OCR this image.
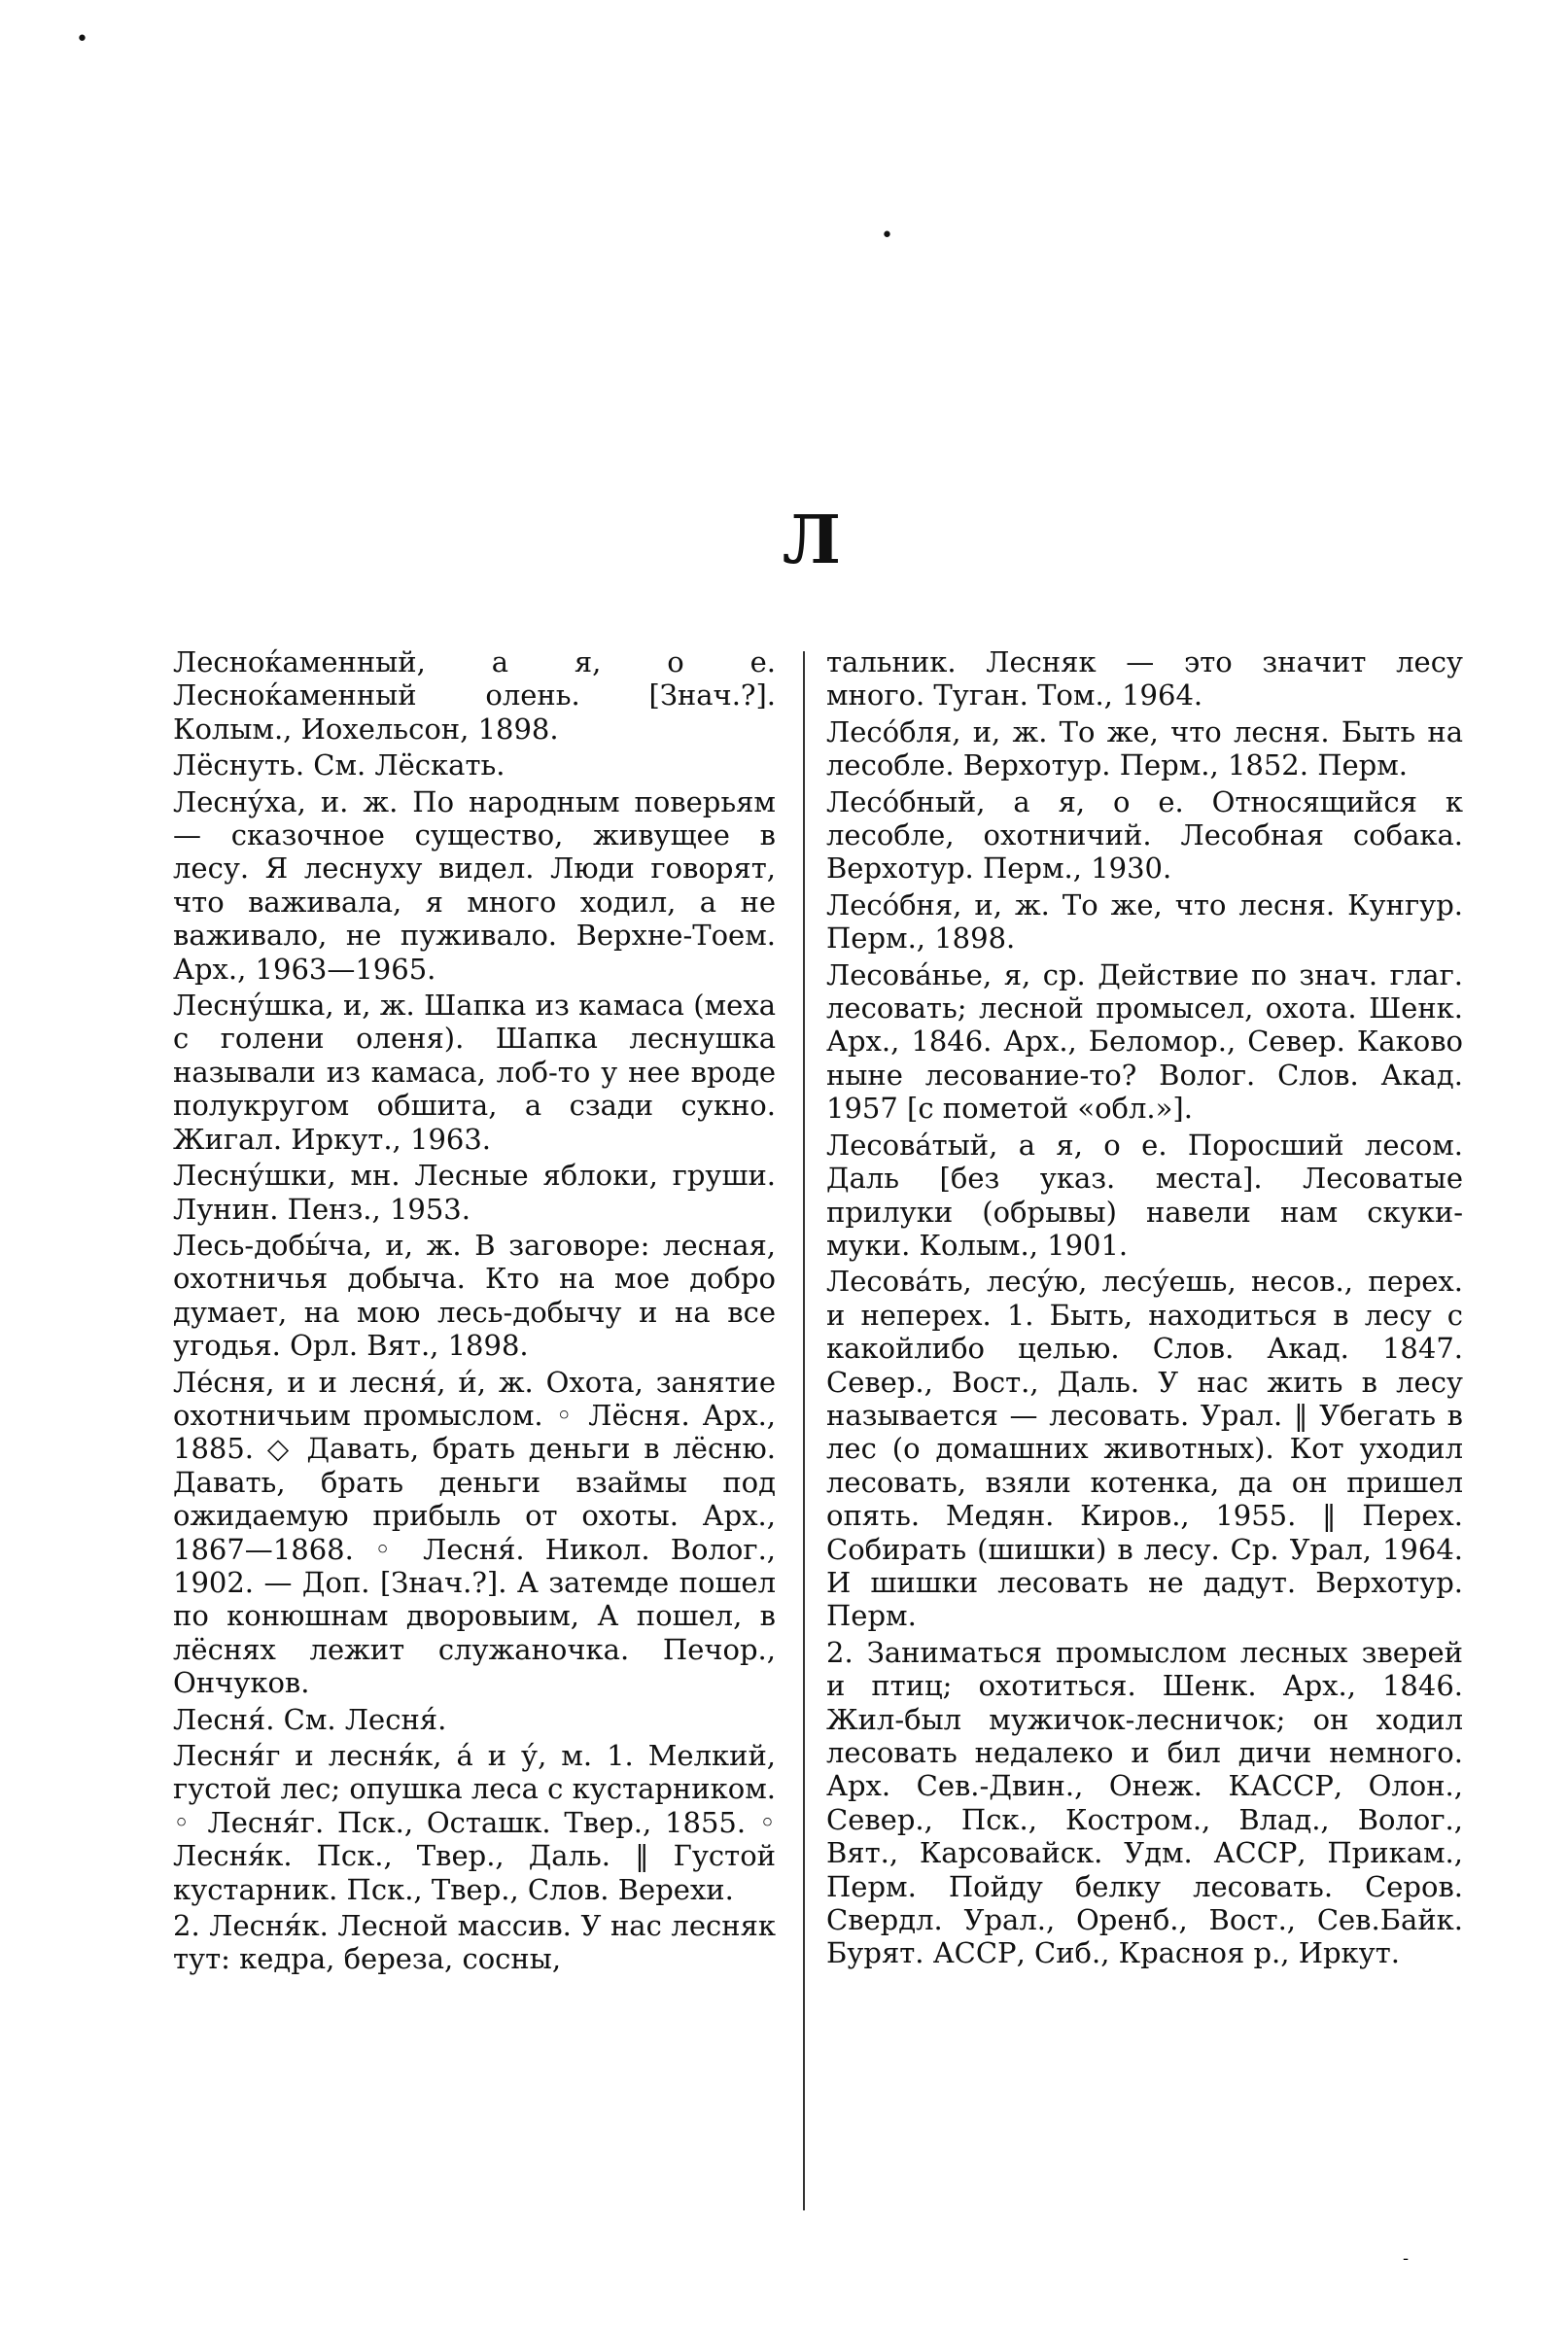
•
•
Л

Лесноќаменный, а я, о е. Лесноќаменный олень. [Знач.?]. Колым., Иохельсон, 1898.

Лёснуть. См. Лёскать.

Лесну́ха, и. ж. По народным поверьям — сказочное существо, живущее в лесу. Я леснуху видел. Люди говорят, что важивала, я много ходил, а не важивало, не пуживало. Верхне-Тоем. Арх., 1963—1965.

Лесну́шка, и, ж. Шапка из камаса (меха с голени оленя). Шапка леснушка называли из камаса, лоб-то у нее вроде полукругом обшита, а сзади сукно. Жигал. Иркут., 1963.

Лесну́шки, мн. Лесные яблоки, груши. Лунин. Пенз., 1953.

Лесь-добы́ча, и, ж. В заговоре: лесная, охотничья добыча. Кто на мое добро думает, на мою лесь-добычу и на все угодья. Орл. Вят., 1898.

Ле́сня, и и лесня́, и́, ж. Охота, занятие охотничьим промыслом. ◦ Лёсня. Арх., 1885. ◇ Давать, брать деньги в лёсню. Давать, брать деньги взаймы под ожидаемую прибыль от охоты. Арх., 1867—1868. ◦ Лесня́. Никол. Волог., 1902. — Доп. [Знач.?]. А затемде пошел по конюшнам дворовыим, А пошел, в лёснях лежит служаночка. Печор., Ончуков.

Лесня́. См. Лесня́.

Лесня́г и лесня́к, а́ и у́, м. 1. Мелкий, густой лес; опушка леса с кустарником. ◦ Лесня́г. Пск., Осташк. Твер., 1855. ◦ Лесня́к. Пск., Твер., Даль. ‖ Густой кустарник. Пск., Твер., Слов. Верехи.

2. Лесня́к. Лесной массив. У нас лесняк тут: кедра, береза, сосны,

тальник. Лесняк — это значит лесу много. Туган. Том., 1964.

Лесо́бля, и, ж. То же, что лесня. Быть на лесобле. Верхотур. Перм., 1852. Перм.

Лесо́бный, а я, о е. Относящийся к лесобле, охотничий. Лесобная собака. Верхотур. Перм., 1930.

Лесо́бня, и, ж. То же, что лесня. Кунгур. Перм., 1898.

Лесова́нье, я, ср. Действие по знач. глаг. лесовать; лесной промысел, охота. Шенк. Арх., 1846. Арх., Беломор., Север. Каково ныне лесование-то? Волог. Слов. Акад. 1957 [с пометой «обл.»].

Лесова́тый, а я, о е. Поросший лесом. Даль [без указ. места]. Лесоватые прилуки (обрывы) навели нам скуки-муки. Колым., 1901.

Лесова́ть, лесу́ю, лесу́ешь, несов., перех. и неперех. 1. Быть, находиться в лесу с какойлибо целью. Слов. Акад. 1847. Север., Вост., Даль. У нас жить в лесу называется — лесовать. Урал. ‖ Убегать в лес (о домашних животных). Кот уходил лесовать, взяли котенка, да он пришел опять. Медян. Киров., 1955. ‖ Перех. Собирать (шишки) в лесу. Ср. Урал, 1964. И шишки лесовать не дадут. Верхотур. Перм.

2. Заниматься промыслом лесных зверей и птиц; охотиться. Шенк. Арх., 1846. Жил-был мужичок-лесничок; он ходил лесовать недалеко и бил дичи немного. Арх. Сев.-Двин., Онеж. КАССР, Олон., Север., Пск., Костром., Влад., Волог., Вят., Карсовайск. Удм. АССР, Прикам., Перм. Пойду белку лесовать. Серов. Свердл. Урал., Оренб., Вост., Сев.Байк. Бурят. АССР, Сиб., Красноя р., Иркут.

-
